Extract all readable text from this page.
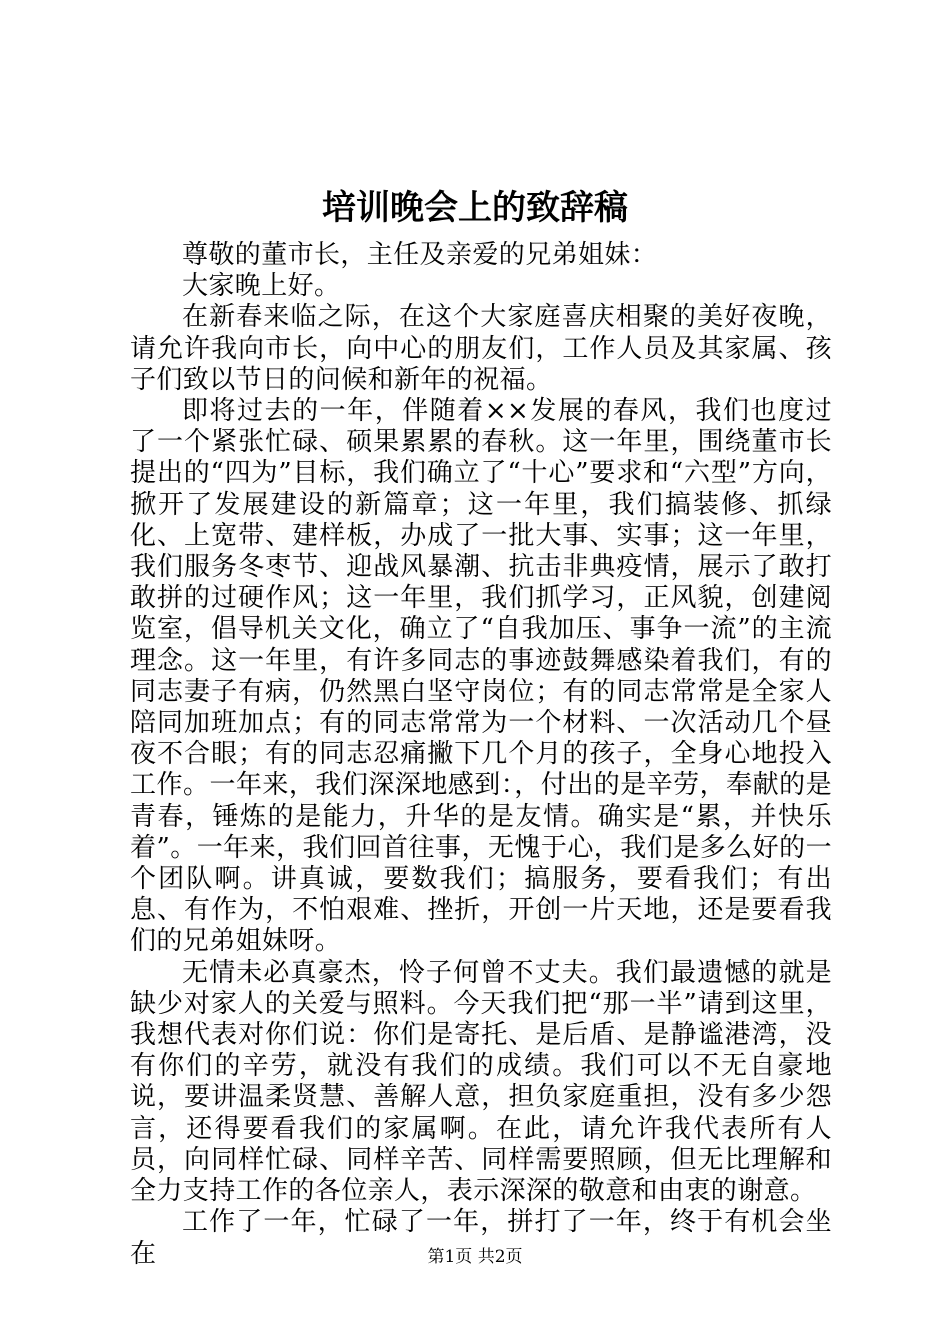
培训晚会上的致辞稿

尊敬的董市长，主任及亲爱的兄弟姐妹：

大家晚上好。

在新春来临之际，在这个大家庭喜庆相聚的美好夜晚，请允许我向市长，向中心的朋友们，工作人员及其家属、孩子们致以节日的问候和新年的祝福。

即将过去的一年，伴随着××发展的春风，我们也度过了一个紧张忙碌、硕果累累的春秋。这一年里，围绕董市长提出的“四为”目标，我们确立了“十心”要求和“六型”方向，掀开了发展建设的新篇章；这一年里，我们搞装修、抓绿化、上宽带、建样板，办成了一批大事、实事；这一年里，我们服务冬枣节、迎战风暴潮、抗击非典疫情，展示了敢打敢拼的过硬作风；这一年里，我们抓学习，正风貌，创建阅览室，倡导机关文化，确立了“自我加压、事争一流”的主流理念。这一年里，有许多同志的事迹鼓舞感染着我们，有的同志妻子有病，仍然黑白坚守岗位；有的同志常常是全家人陪同加班加点；有的同志常常为一个材料、一次活动几个昼夜不合眼；有的同志忍痛撇下几个月的孩子，全身心地投入工作。一年来，我们深深地感到：，付出的是辛劳，奉献的是青春，锤炼的是能力，升华的是友情。确实是“累，并快乐着”。一年来，我们回首往事，无愧于心，我们是多么好的一个团队啊。讲真诚，要数我们；搞服务，要看我们；有出息、有作为，不怕艰难、挫折，开创一片天地，还是要看我们的兄弟姐妹呀。

无情未必真豪杰，怜子何曾不丈夫。我们最遗憾的就是缺少对家人的关爱与照料。今天我们把“那一半”请到这里，我想代表对你们说：你们是寄托、是后盾、是静谧港湾，没有你们的辛劳，就没有我们的成绩。我们可以不无自豪地说，要讲温柔贤慧、善解人意，担负家庭重担，没有多少怨言，还得要看我们的家属啊。在此，请允许我代表所有人员，向同样忙碌、同样辛苦、同样需要照顾，但无比理解和全力支持工作的各位亲人，表示深深的敬意和由衷的谢意。

工作了一年，忙碌了一年，拼打了一年，终于有机会坐在	第1页 共2页
